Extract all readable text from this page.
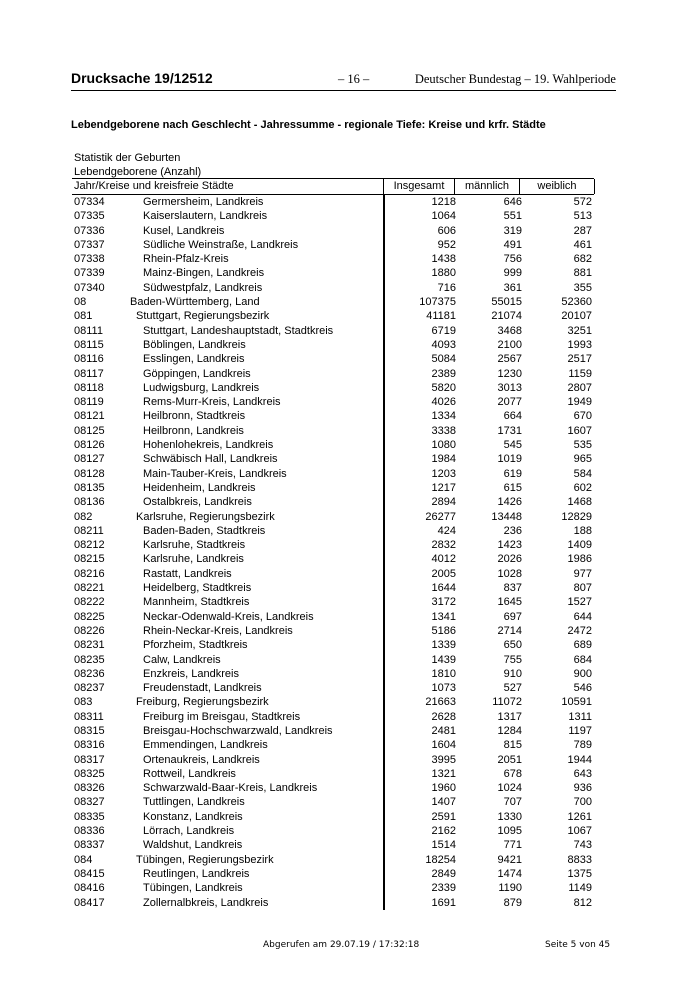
Drucksache 19/12512	– 16 –	Deutscher Bundestag – 19. Wahlperiode
Lebendgeborene nach Geschlecht - Jahressumme - regionale Tiefe: Kreise und krfr. Städte
Statistik der Geburten
Lebendgeborene (Anzahl)
Jahr/Kreise und kreisfreie Städte	Insgesamt	männlich	weiblich
07334	Germersheim, Landkreis	1218	646	572
07335	Kaiserslautern, Landkreis	1064	551	513
07336	Kusel, Landkreis	606	319	287
07337	Südliche Weinstraße, Landkreis	952	491	461
07338	Rhein-Pfalz-Kreis	1438	756	682
07339	Mainz-Bingen, Landkreis	1880	999	881
07340	Südwestpfalz, Landkreis	716	361	355
08	Baden-Württemberg, Land	107375	55015	52360
081	Stuttgart, Regierungsbezirk	41181	21074	20107
08111	Stuttgart, Landeshauptstadt, Stadtkreis	6719	3468	3251
08115	Böblingen, Landkreis	4093	2100	1993
08116	Esslingen, Landkreis	5084	2567	2517
08117	Göppingen, Landkreis	2389	1230	1159
08118	Ludwigsburg, Landkreis	5820	3013	2807
08119	Rems-Murr-Kreis, Landkreis	4026	2077	1949
08121	Heilbronn, Stadtkreis	1334	664	670
08125	Heilbronn, Landkreis	3338	1731	1607
08126	Hohenlohekreis, Landkreis	1080	545	535
08127	Schwäbisch Hall, Landkreis	1984	1019	965
08128	Main-Tauber-Kreis, Landkreis	1203	619	584
08135	Heidenheim, Landkreis	1217	615	602
08136	Ostalbkreis, Landkreis	2894	1426	1468
082	Karlsruhe, Regierungsbezirk	26277	13448	12829
08211	Baden-Baden, Stadtkreis	424	236	188
08212	Karlsruhe, Stadtkreis	2832	1423	1409
08215	Karlsruhe, Landkreis	4012	2026	1986
08216	Rastatt, Landkreis	2005	1028	977
08221	Heidelberg, Stadtkreis	1644	837	807
08222	Mannheim, Stadtkreis	3172	1645	1527
08225	Neckar-Odenwald-Kreis, Landkreis	1341	697	644
08226	Rhein-Neckar-Kreis, Landkreis	5186	2714	2472
08231	Pforzheim, Stadtkreis	1339	650	689
08235	Calw, Landkreis	1439	755	684
08236	Enzkreis, Landkreis	1810	910	900
08237	Freudenstadt, Landkreis	1073	527	546
083	Freiburg, Regierungsbezirk	21663	11072	10591
08311	Freiburg im Breisgau, Stadtkreis	2628	1317	1311
08315	Breisgau-Hochschwarzwald, Landkreis	2481	1284	1197
08316	Emmendingen, Landkreis	1604	815	789
08317	Ortenaukreis, Landkreis	3995	2051	1944
08325	Rottweil, Landkreis	1321	678	643
08326	Schwarzwald-Baar-Kreis, Landkreis	1960	1024	936
08327	Tuttlingen, Landkreis	1407	707	700
08335	Konstanz, Landkreis	2591	1330	1261
08336	Lörrach, Landkreis	2162	1095	1067
08337	Waldshut, Landkreis	1514	771	743
084	Tübingen, Regierungsbezirk	18254	9421	8833
08415	Reutlingen, Landkreis	2849	1474	1375
08416	Tübingen, Landkreis	2339	1190	1149
08417	Zollernalbkreis, Landkreis	1691	879	812
Abgerufen am 29.07.19 / 17:32:18	Seite 5 von 45
